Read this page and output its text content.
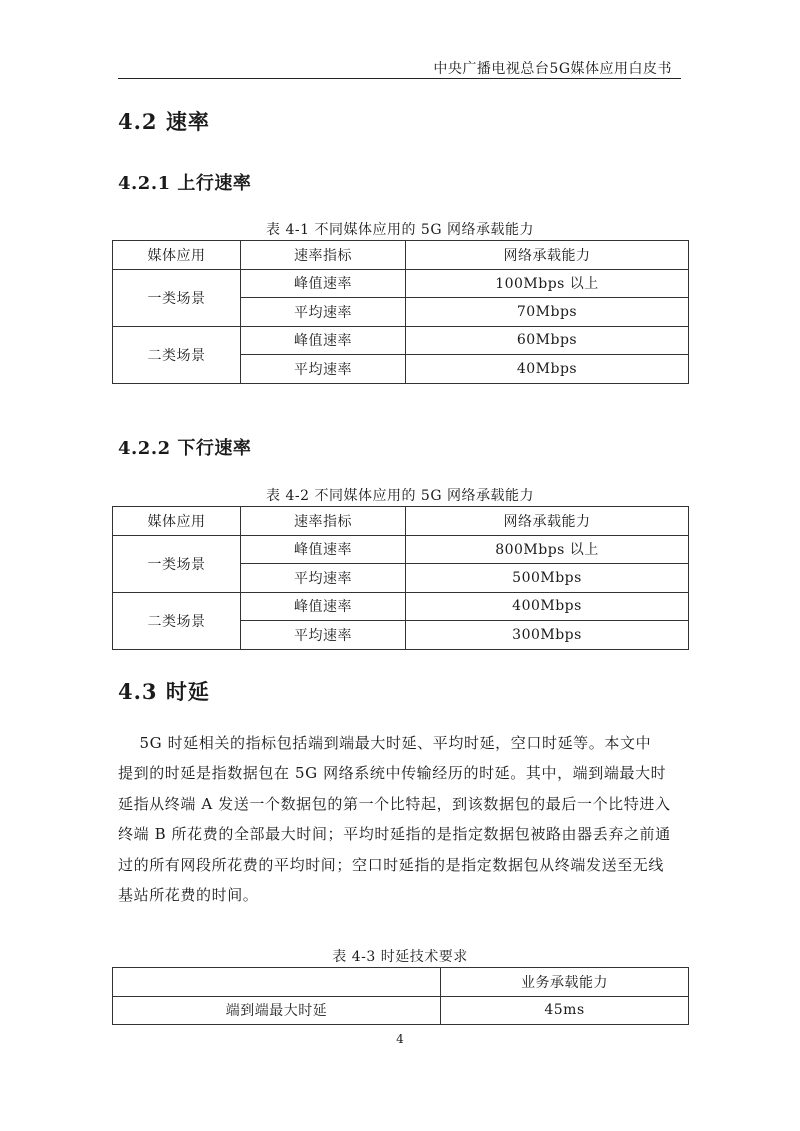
中央广播电视总台5G媒体应用白皮书
4.2 速率
4.2.1 上行速率
表 4-1 不同媒体应用的 5G 网络承载能力
媒体应用	速率指标	网络承载能力
一类场景	峰值速率	100Mbps 以上
	平均速率	70Mbps
二类场景	峰值速率	60Mbps
	平均速率	40Mbps
4.2.2 下行速率
表 4-2 不同媒体应用的 5G 网络承载能力
媒体应用	速率指标	网络承载能力
一类场景	峰值速率	800Mbps 以上
	平均速率	500Mbps
二类场景	峰值速率	400Mbps
	平均速率	300Mbps
4.3 时延
5G 时延相关的指标包括端到端最大时延、平均时延，空口时延等。本文中
提到的时延是指数据包在 5G 网络系统中传输经历的时延。其中，端到端最大时
延指从终端 A 发送一个数据包的第一个比特起，到该数据包的最后一个比特进入
终端 B 所花费的全部最大时间；平均时延指的是指定数据包被路由器丢弃之前通
过的所有网段所花费的平均时间；空口时延指的是指定数据包从终端发送至无线
基站所花费的时间。
表 4-3 时延技术要求
	业务承载能力
端到端最大时延	45ms
4
